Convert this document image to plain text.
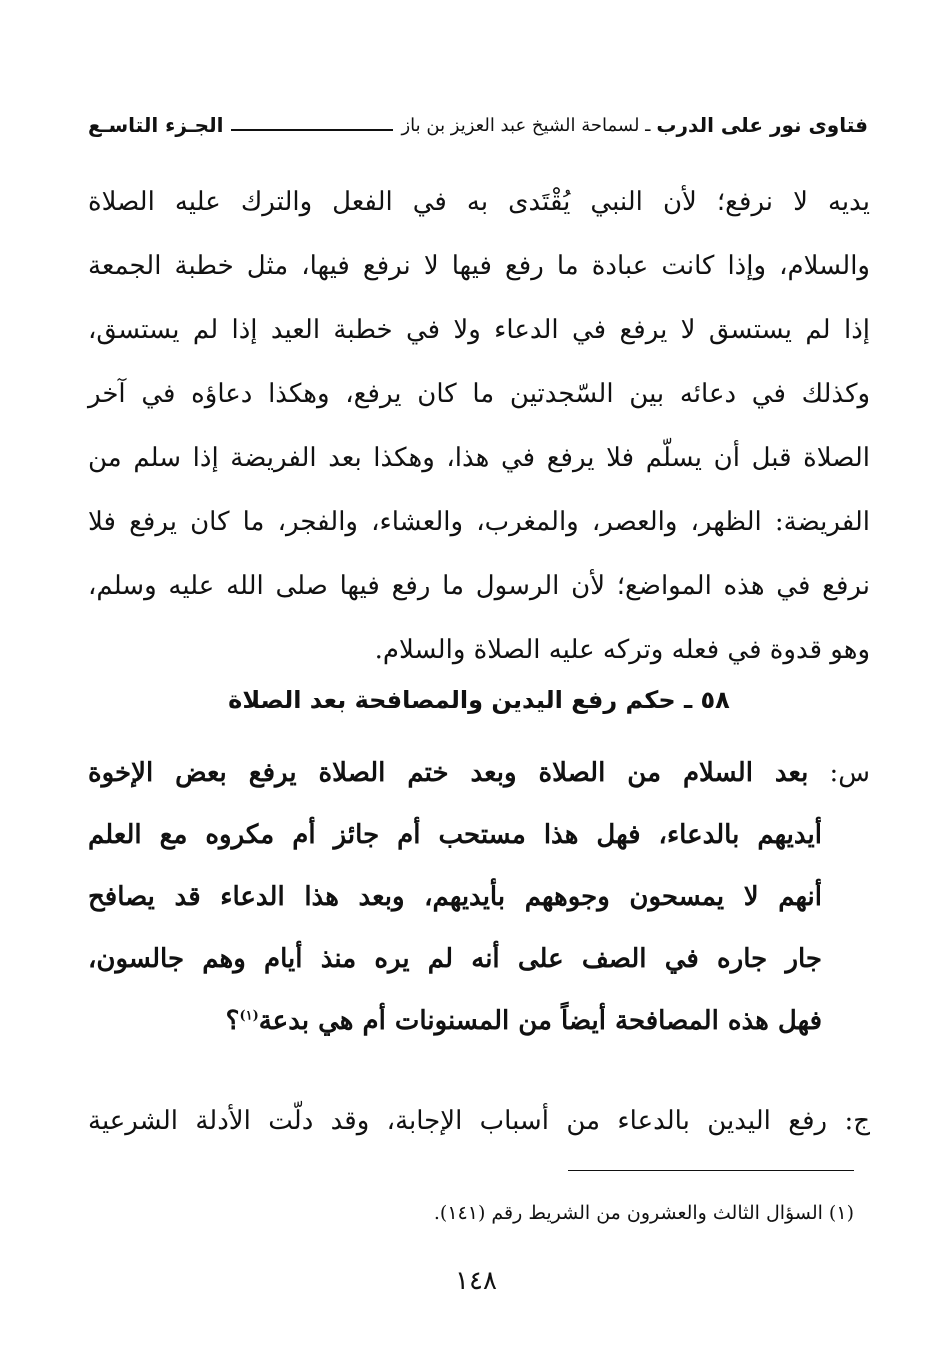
فتاوى نور على الدرب
ـ لسماحة الشيخ عبد العزيز بن باز
الجـزء التاسـع
يديه لا نرفع؛ لأن النبي يُقْتَدى به في الفعل والترك عليه الصلاة
والسلام، وإذا كانت عبادة ما رفع فيها لا نرفع فيها، مثل خطبة الجمعة
إذا لم يستسق لا يرفع في الدعاء ولا في خطبة العيد إذا لم يستسق،
وكذلك في دعائه بين السّجدتين ما كان يرفع، وهكذا دعاؤه في آخر
الصلاة قبل أن يسلّم فلا يرفع في هذا، وهكذا بعد الفريضة إذا سلم من
الفريضة: الظهر، والعصر، والمغرب، والعشاء، والفجر، ما كان يرفع فلا
نرفع في هذه المواضع؛ لأن الرسول ما رفع فيها صلى الله عليه وسلم،
وهو قدوة في فعله وتركه عليه الصلاة والسلام.
٥٨ ـ حكم رفع اليدين والمصافحة بعد الصلاة
س: بعد السلام من الصلاة وبعد ختم الصلاة يرفع بعض الإخوة
أيديهم بالدعاء، فهل هذا مستحب أم جائز أم مكروه مع العلم
أنهم لا يمسحون وجوههم بأيديهم، وبعد هذا الدعاء قد يصافح
جار جاره في الصف على أنه لم يره منذ أيام وهم جالسون،
فهل هذه المصافحة أيضاً من المسنونات أم هي بدعة$^{(١)}$؟
ج: رفع اليدين بالدعاء من أسباب الإجابة، وقد دلّت الأدلة الشرعية
(١) السؤال الثالث والعشرون من الشريط رقم (١٤١).
١٤٨
